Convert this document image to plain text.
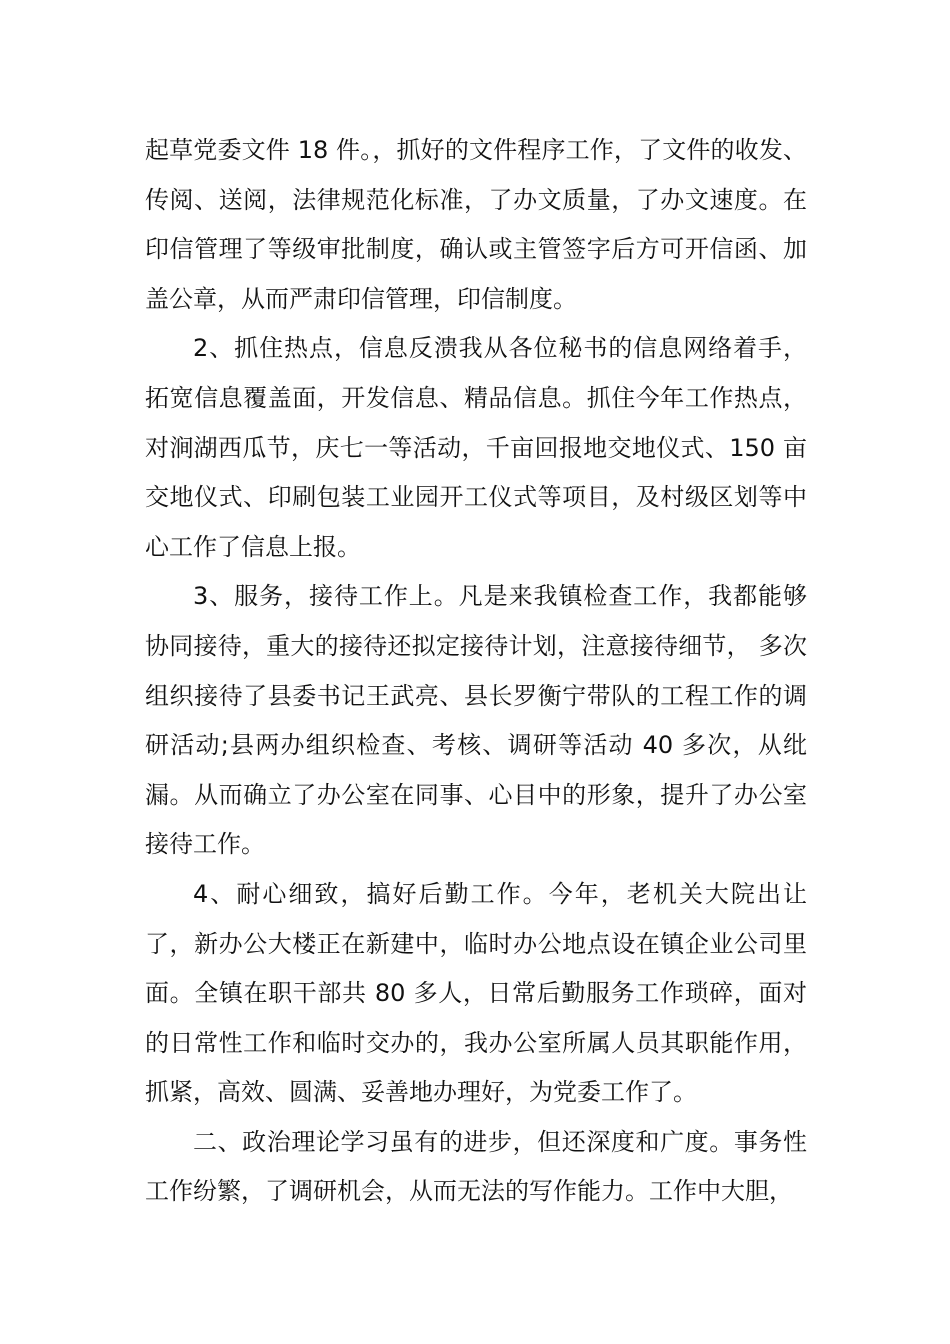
起草党委文件 18 件。，抓好的文件程序工作，了文件的收发、传阅、送阅，法律规范化标准，了办文质量，了办文速度。在印信管理了等级审批制度，确认或主管签字后方可开信函、加盖公章，从而严肃印信管理，印信制度。

2、抓住热点，信息反溃我从各位秘书的信息网络着手，拓宽信息覆盖面，开发信息、精品信息。抓住今年工作热点，对涧湖西瓜节，庆七一等活动，千亩回报地交地仪式、150 亩交地仪式、印刷包装工业园开工仪式等项目，及村级区划等中心工作了信息上报。

3、服务，接待工作上。凡是来我镇检查工作，我都能够协同接待，重大的接待还拟定接待计划，注意接待细节， 多次组织接待了县委书记王武亮、县长罗衡宁带队的工程工作的调研活动;县两办组织检查、考核、调研等活动 40 多次，从纰漏。从而确立了办公室在同事、心目中的形象，提升了办公室接待工作。

4、耐心细致，搞好后勤工作。今年，老机关大院出让了，新办公大楼正在新建中，临时办公地点设在镇企业公司里面。全镇在职干部共 80 多人，日常后勤服务工作琐碎，面对的日常性工作和临时交办的，我办公室所属人员其职能作用，抓紧，高效、圆满、妥善地办理好，为党委工作了。

二、政治理论学习虽有的进步，但还深度和广度。事务性工作纷繁，了调研机会，从而无法的写作能力。工作中大胆，
